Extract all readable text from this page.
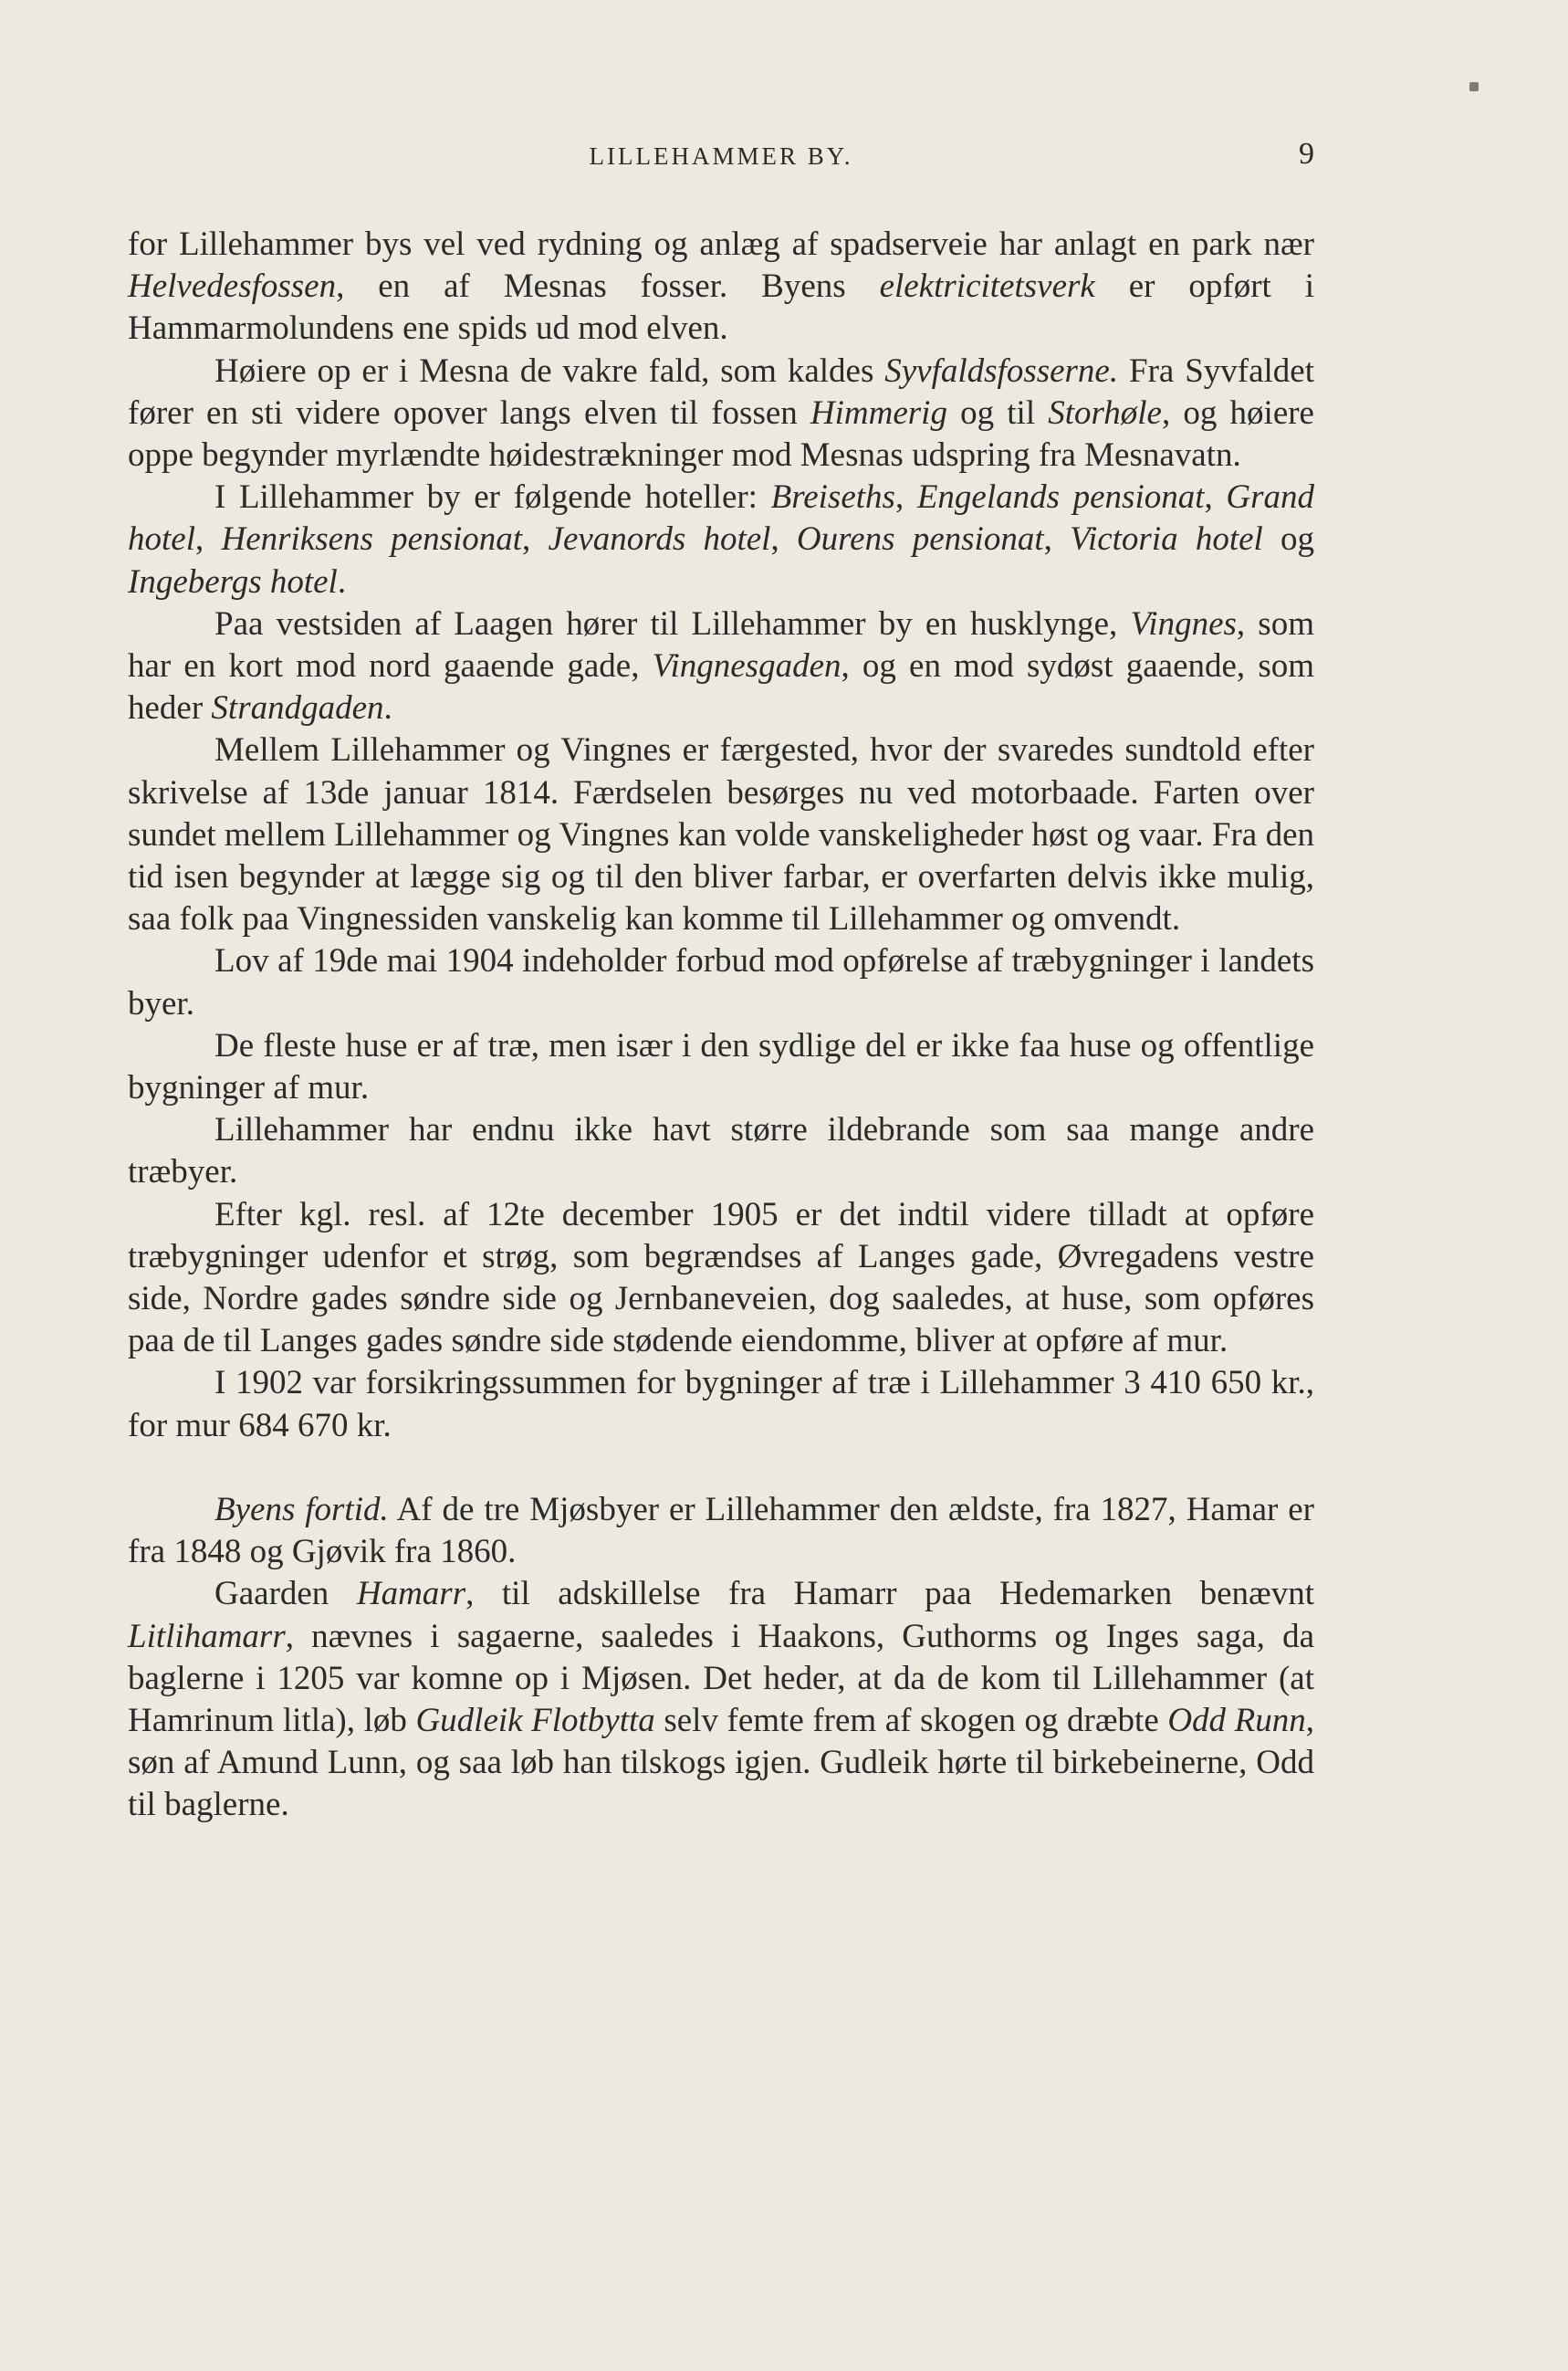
LILLEHAMMER BY.	9

for Lillehammer bys vel ved rydning og anlæg af spadserveie har anlagt en park nær Helvedesfossen, en af Mesnas fosser. Byens elektricitetsverk er opført i Hammarmolundens ene spids ud mod elven.

Høiere op er i Mesna de vakre fald, som kaldes Syvfaldsfosserne. Fra Syvfaldet fører en sti videre opover langs elven til fossen Himmerig og til Storhøle, og høiere oppe begynder myrlændte høidestrækninger mod Mesnas udspring fra Mesnavatn.

I Lillehammer by er følgende hoteller: Breiseths, Engelands pensionat, Grand hotel, Henriksens pensionat, Jevanords hotel, Ourens pensionat, Victoria hotel og Ingebergs hotel.

Paa vestsiden af Laagen hører til Lillehammer by en husklynge, Vingnes, som har en kort mod nord gaaende gade, Vingnesgaden, og en mod sydøst gaaende, som heder Strandgaden.

Mellem Lillehammer og Vingnes er færgested, hvor der svaredes sundtold efter skrivelse af 13de januar 1814. Færdselen besørges nu ved motorbaade. Farten over sundet mellem Lillehammer og Vingnes kan volde vanskeligheder høst og vaar. Fra den tid isen begynder at lægge sig og til den bliver farbar, er overfarten delvis ikke mulig, saa folk paa Vingnessiden vanskelig kan komme til Lillehammer og omvendt.

Lov af 19de mai 1904 indeholder forbud mod opførelse af træbygninger i landets byer.

De fleste huse er af træ, men især i den sydlige del er ikke faa huse og offentlige bygninger af mur.

Lillehammer har endnu ikke havt større ildebrande som saa mange andre træbyer.

Efter kgl. resl. af 12te december 1905 er det indtil videre tilladt at opføre træbygninger udenfor et strøg, som begrændses af Langes gade, Øvregadens vestre side, Nordre gades søndre side og Jernbaneveien, dog saaledes, at huse, som opføres paa de til Langes gades søndre side stødende eiendomme, bliver at opføre af mur.

I 1902 var forsikringssummen for bygninger af træ i Lillehammer 3 410 650 kr., for mur 684 670 kr.

Byens fortid. Af de tre Mjøsbyer er Lillehammer den ældste, fra 1827, Hamar er fra 1848 og Gjøvik fra 1860.

Gaarden Hamarr, til adskillelse fra Hamarr paa Hedemarken benævnt Litlihamarr, nævnes i sagaerne, saaledes i Haakons, Guthorms og Inges saga, da baglerne i 1205 var komne op i Mjøsen. Det heder, at da de kom til Lillehammer (at Hamrinum litla), løb Gudleik Flotbytta selv femte frem af skogen og dræbte Odd Runn, søn af Amund Lunn, og saa løb han tilskogs igjen. Gudleik hørte til birkebeinerne, Odd til baglerne.
